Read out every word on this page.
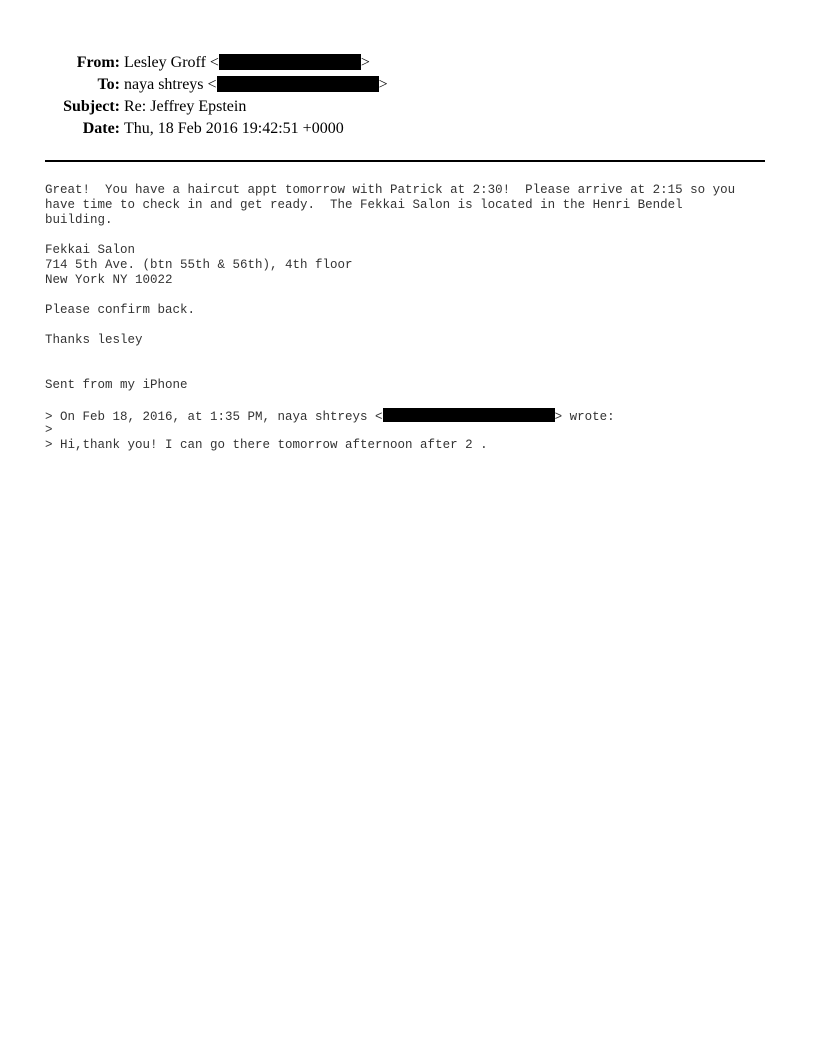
From: Lesley Groff <	>
To: naya shtreys <	>
Subject: Re: Jeffrey Epstein
Date: Thu, 18 Feb 2016 19:42:51 +0000
Great!  You have a haircut appt tomorrow with Patrick at 2:30!  Please arrive at 2:15 so you
have time to check in and get ready.  The Fekkai Salon is located in the Henri Bendel
building.
Fekkai Salon
714 5th Ave. (btn 55th & 56th), 4th floor
New York NY 10022
Please confirm back.
Thanks lesley
Sent from my iPhone
> On Feb 18, 2016, at 1:35 PM, naya shtreys <	> wrote:
>
> Hi,thank you! I can go there tomorrow afternoon after 2 .
